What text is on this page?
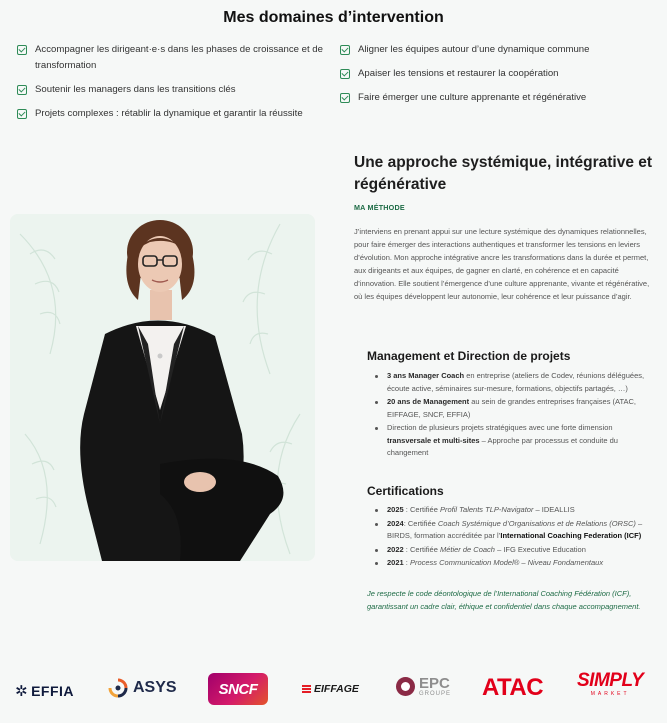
Mes domaines d’intervention
Accompagner les dirigeant·e·s dans les phases de croissance et de transformation
Soutenir les managers dans les transitions clés
Projets complexes : rétablir la dynamique et garantir la réussite
Aligner les équipes autour d’une dynamique commune
Apaiser les tensions et restaurer la coopération
Faire émerger une culture apprenante et régénérative
Une approche systémique, intégrative et régénérative
MA MÉTHODE

J’interviens en prenant appui sur une lecture systémique des dynamiques relationnelles, pour faire émerger des interactions authentiques et transformer les tensions en leviers d’évolution. Mon approche intégrative ancre les transformations dans la durée et permet, aux dirigeants et aux équipes, de gagner en clarté, en cohérence et en capacité d’innovation. Elle soutient l’émergence d’une culture apprenante, vivante et régénérative, où les équipes développent leur autonomie, leur cohérence et leur puissance d’agir.

Management et Direction de projets
3 ans Manager Coach en entreprise (ateliers de Codev, réunions déléguées, écoute active, séminaires sur-mesure, formations, objectifs partagés, …)
20 ans de Management au sein de grandes entreprises françaises (ATAC, EIFFAGE, SNCF, EFFIA)
Direction de plusieurs projets stratégiques avec une forte dimension transversale et multi-sites – Approche par processus et conduite du changement
Certifications
2025 : Certifiée Profil Talents TLP-Navigator – IDEALLIS
2024: Certifiée Coach Systémique d’Organisations et de Relations (ORSC) – BIRDS, formation accréditée par l’International Coaching Federation (ICF)
2022 : Certifiée Métier de Coach – IFG Executive Education
2021 : Process Communication Model® – Niveau Fondamentaux

Je respecte le code déontologique de l’International Coaching Fédération (ICF), garantissant un cadre clair, éthique et confidentiel dans chaque accompagnement.

✲ EFFIA	ASYS	SNCF	EIFFAGE	EPC
GROUPE ATAC SIMPLY
MARKET
